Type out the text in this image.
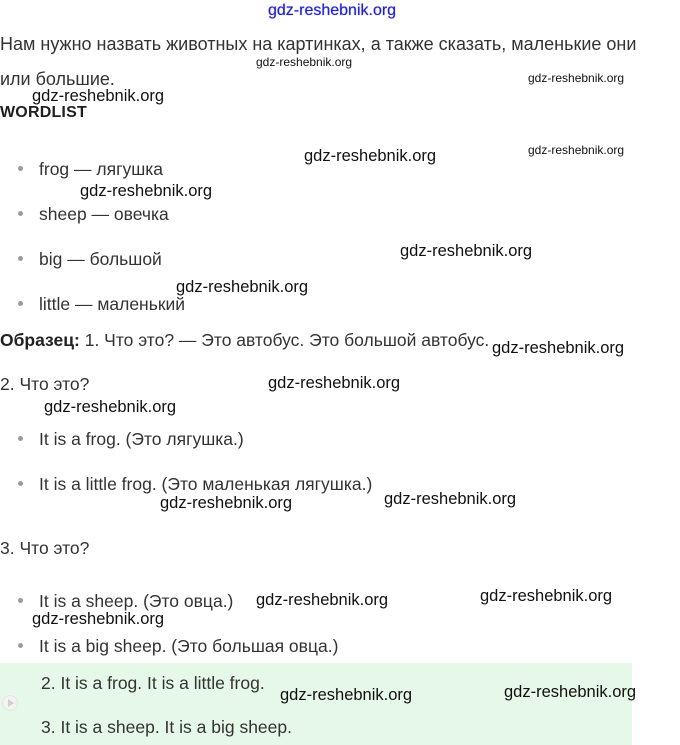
gdz-reshebnik.org
Нам нужно назвать животных на картинках, а также сказать, маленькие они
или большие.
WORDLIST
frog — лягушка
sheep — овечка
big — большой
little — маленький
Образец: 1. Что это? — Это автобус. Это большой автобус.
2. Что это?
It is a frog. (Это лягушка.)
It is a little frog. (Это маленькая лягушка.)
3. Что это?
It is a sheep. (Это овца.)
It is a big sheep. (Это большая овца.)
2. It is a frog. It is a little frog.
3. It is a sheep. It is a big sheep.
gdz-reshebnik.org
gdz-reshebnik.org
gdz-reshebnik.org
gdz-reshebnik.org
gdz-reshebnik.org
gdz-reshebnik.org
gdz-reshebnik.org
gdz-reshebnik.org
gdz-reshebnik.org
gdz-reshebnik.org
gdz-reshebnik.org
gdz-reshebnik.org
gdz-reshebnik.org
gdz-reshebnik.org
gdz-reshebnik.org
gdz-reshebnik.org
gdz-reshebnik.org
gdz-reshebnik.org
